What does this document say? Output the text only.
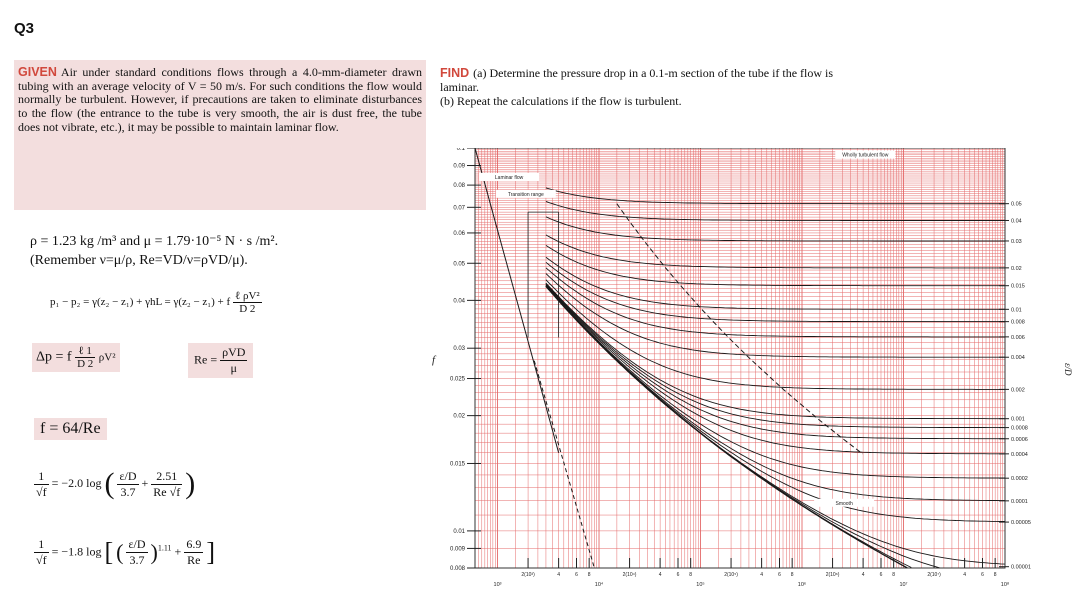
Q3
GIVEN Air under standard conditions flows through a 4.0-mm-diameter drawn tubing with an average velocity of V = 50 m/s. For such conditions the flow would normally be turbulent. However, if precautions are taken to eliminate disturbances to the flow (the entrance to the tube is very smooth, the air is dust free, the tube does not vibrate, etc.), it may be possible to maintain laminar flow.
FIND (a) Determine the pressure drop in a 0.1-m section of the tube if the flow is laminar.
(b) Repeat the calculations if the flow is turbulent.
ρ = 1.23 kg /m³ and μ = 1.79·10⁻⁵ N · s /m².
(Remember ν=μ/ρ, Re=VD/ν=ρVD/μ).
p₁ − p₂ = γ(z₂ − z₁) + γhL = γ(z₂ − z₁) + f $\frac{\text{ℓ ρV²}}{D 2}$
Δp = f $\frac{\text{ℓ 1}}{D 2} \rho V^2$	$Re = \frac{\text{ρVD}}{\mu}$
f = 64/Re
$\frac{1}{√f} = -2.0$ log ( $\frac{\varepsilon/D}{3.7} + \frac{2.51}{Re √f}$ )
$\frac{1}{√f} = -1.8$ log [ ( $\frac{\varepsilon/D}{3.7} )^{1.11} + \frac{6.9}{Re}$ ]
0.1
0.09
0.08
0.07
0.06
0.05
0.04
0.03
0.025
0.02
0.015
0.01
0.009
0.008
f
0.05
0.04
0.03
0.02
0.015
0.01
0.008
0.006
0.004
0.002
0.001
0.0008
0.0006
0.0004
0.0002
0.0001
0.00005
0.00001
ε/D
10³	10⁴	10⁵	10⁶	10⁷	10⁸
2(10³)	4	6 8	2(10⁴)	4	6 8	2(10⁵)	4	6 8	2(10⁶)	4	6 8	2(10⁷)	4	6 8
Laminar flow
Transition range
Wholly turbulent flow
Smooth
